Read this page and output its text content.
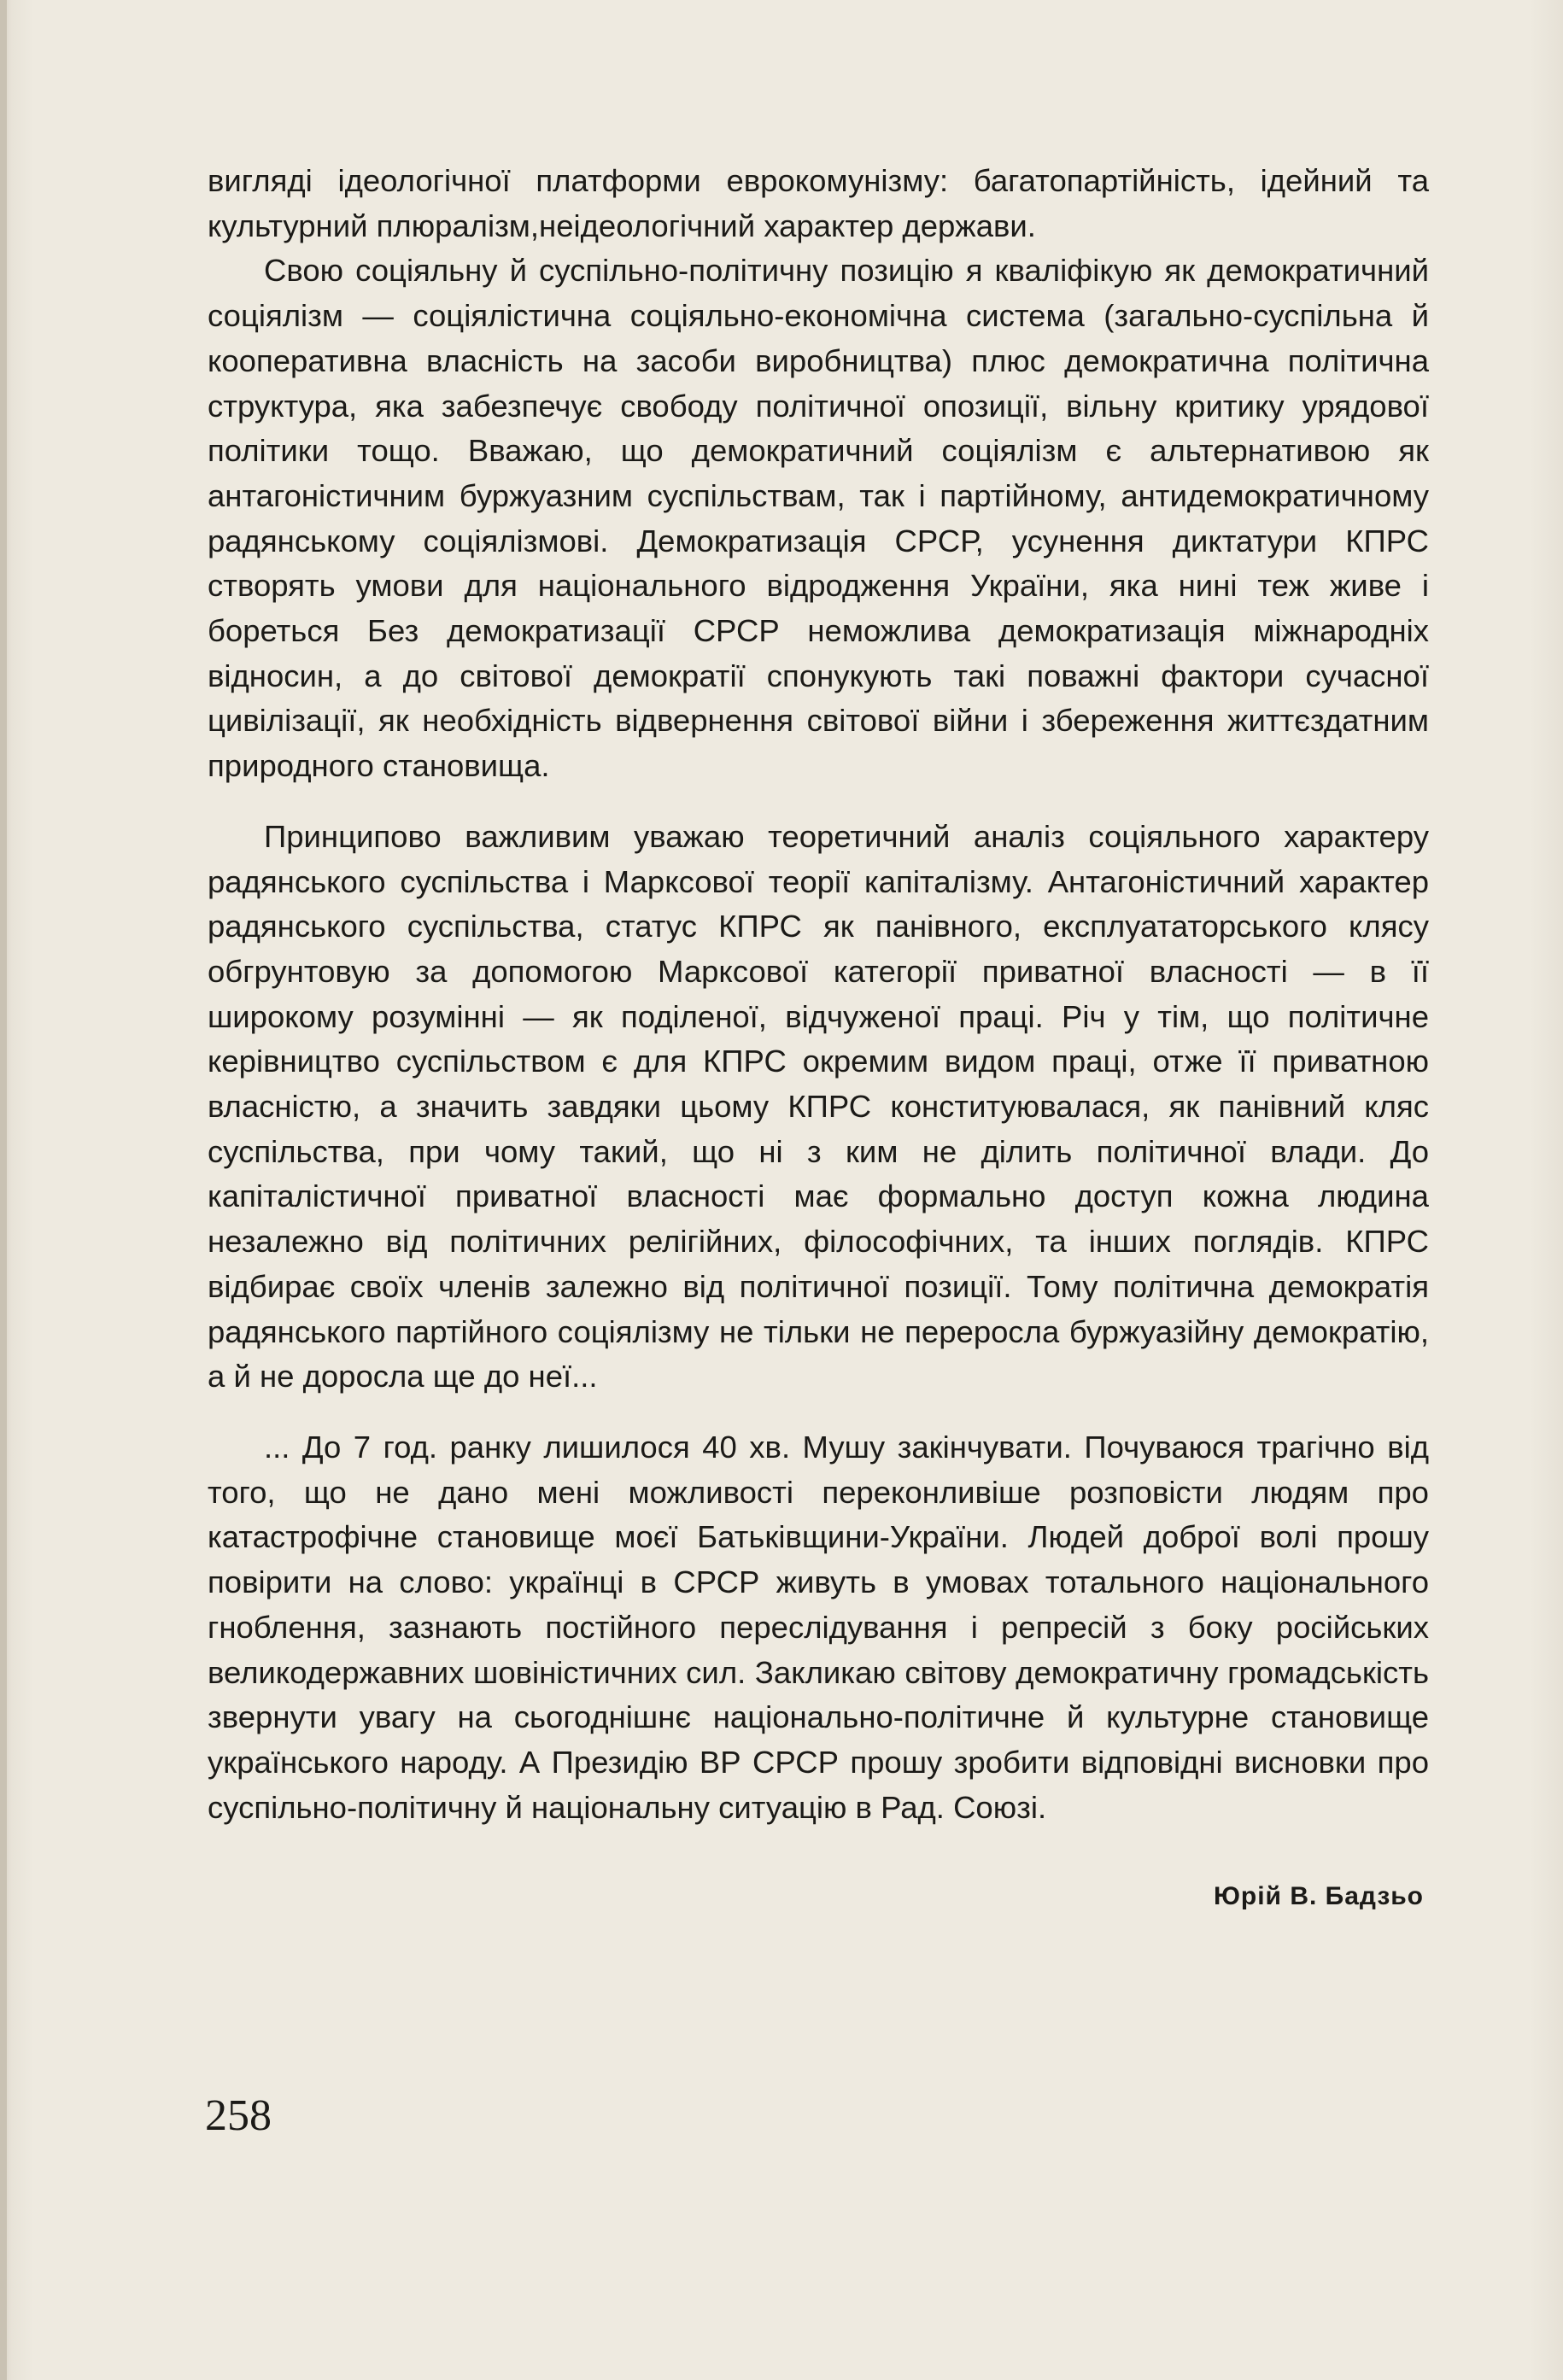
вигляді ідеологічної платформи еврокомунізму: багатопартійність, ідейний та культурний плюралізм,неідеологічний характер держави.

Свою соціяльну й суспільно-політичну позицію я кваліфікую як демократичний соціялізм — соціялістична соціяльно-економічна система (загально-суспільна й кооперативна власність на засоби виробництва) плюс демократична політична структура, яка забезпечує свободу політичної опозиції, вільну критику урядової політики тощо. Вважаю, що демократичний соціялізм є альтернативою як антагоністичним буржуазним суспільствам, так і партійному, антидемократичному радянському соціялізмові. Демократизація СРСР, усунення диктатури КПРС створять умови для національного відродження України, яка нині теж живе і бореться Без демократизації СРСР неможлива демократизація міжнародніх відносин, а до світової демократії спонукують такі поважні фактори сучасної цивілізації, як необхідність відвернення світової війни і збереження життєздатним природного становища.

Принципово важливим уважаю теоретичний аналіз соціяльного характеру радянського суспільства і Марксової теорії капіталізму. Антагоністичний характер радянського суспільства, статус КПРС як панівного, експлуататорського кляcу обгрунтовую за допомогою Марксової категорії приватної власності — в її широкому розумінні — як поділеної, відчуженої праці. Річ у тім, що політичне керівництво суспільством є для КПРС окремим видом праці, отже її приватною власністю, а значить завдяки цьому КПРС конституювалася, як панівний кляс суспільства, при чому такий, що ні з ким не ділить політичної влади. До капіталістичної приватної власності має формально доступ кожна людина незалежно від політичних релігійних, філософічних, та інших поглядів. КПРС відбирає своїх членів залежно від політичної позиції. Тому політична демократія радянського партійного соціялізму не тільки не переросла буржуазійну демократію, а й не доросла ще до неї...

... До 7 год. ранку лишилося 40 хв. Мушу закінчувати. Почуваюся трагічно від того, що не дано мені можливості переконливіше розповісти людям про катастрофічне становище моєї Батьківщини-України. Людей доброї волі прошу повірити на слово: українці в СРСР живуть в умовах тотального національного гноблення, зазнають постійного переслідування і репресій з боку російських великодержавних шовіністичних сил. Закликаю світову демократичну громадськість звернути увагу на сьогоднішнє національно-політичне й культурне становище українського народу. А Президію ВР СРСР прошу зробити відповідні висновки про суспільно-політичну й національну ситуацію в Рад. Союзі.

Юрій В. Бадзьо
258
